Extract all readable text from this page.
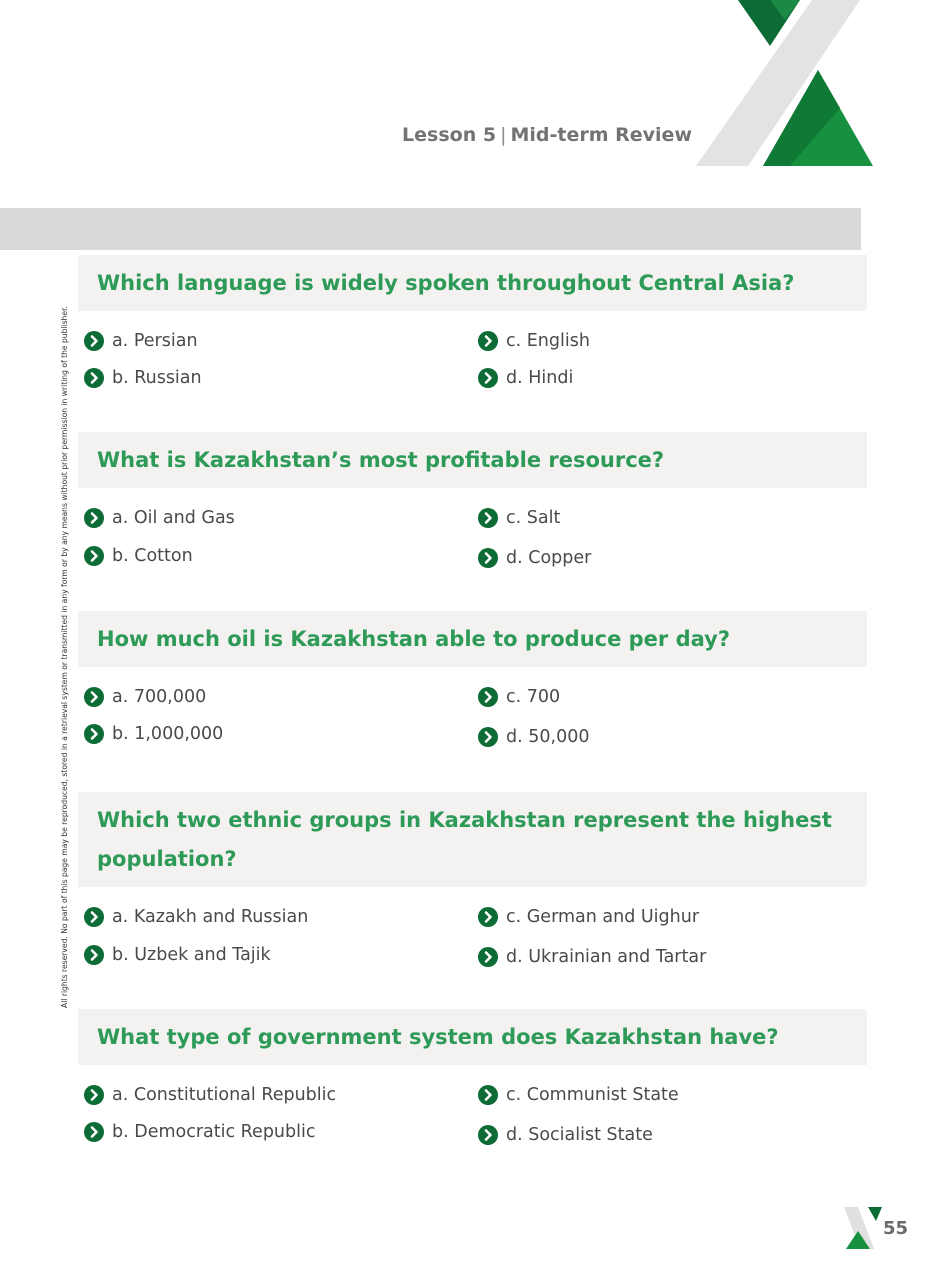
Lesson 5 | Mid-term Review
All rights reserved. No part of this page may be reproduced, stored in a retrieval system or transmitted in any form or by any means without prior permission in writing of the publisher.
Which language is widely spoken throughout Central Asia?
a. Persian
b. Russian
c. English
d. Hindi
What is Kazakhstan’s most profitable resource?
a. Oil and Gas
b. Cotton
c. Salt
d. Copper
How much oil is Kazakhstan able to produce per day?
a. 700,000
b. 1,000,000
c. 700
d. 50,000
Which two ethnic groups in Kazakhstan represent the highest population?
a. Kazakh and Russian
b. Uzbek and Tajik
c. German and Uighur
d. Ukrainian and Tartar
What type of government system does Kazakhstan have?
a. Constitutional Republic
b. Democratic Republic
c. Communist State
d. Socialist State
55
